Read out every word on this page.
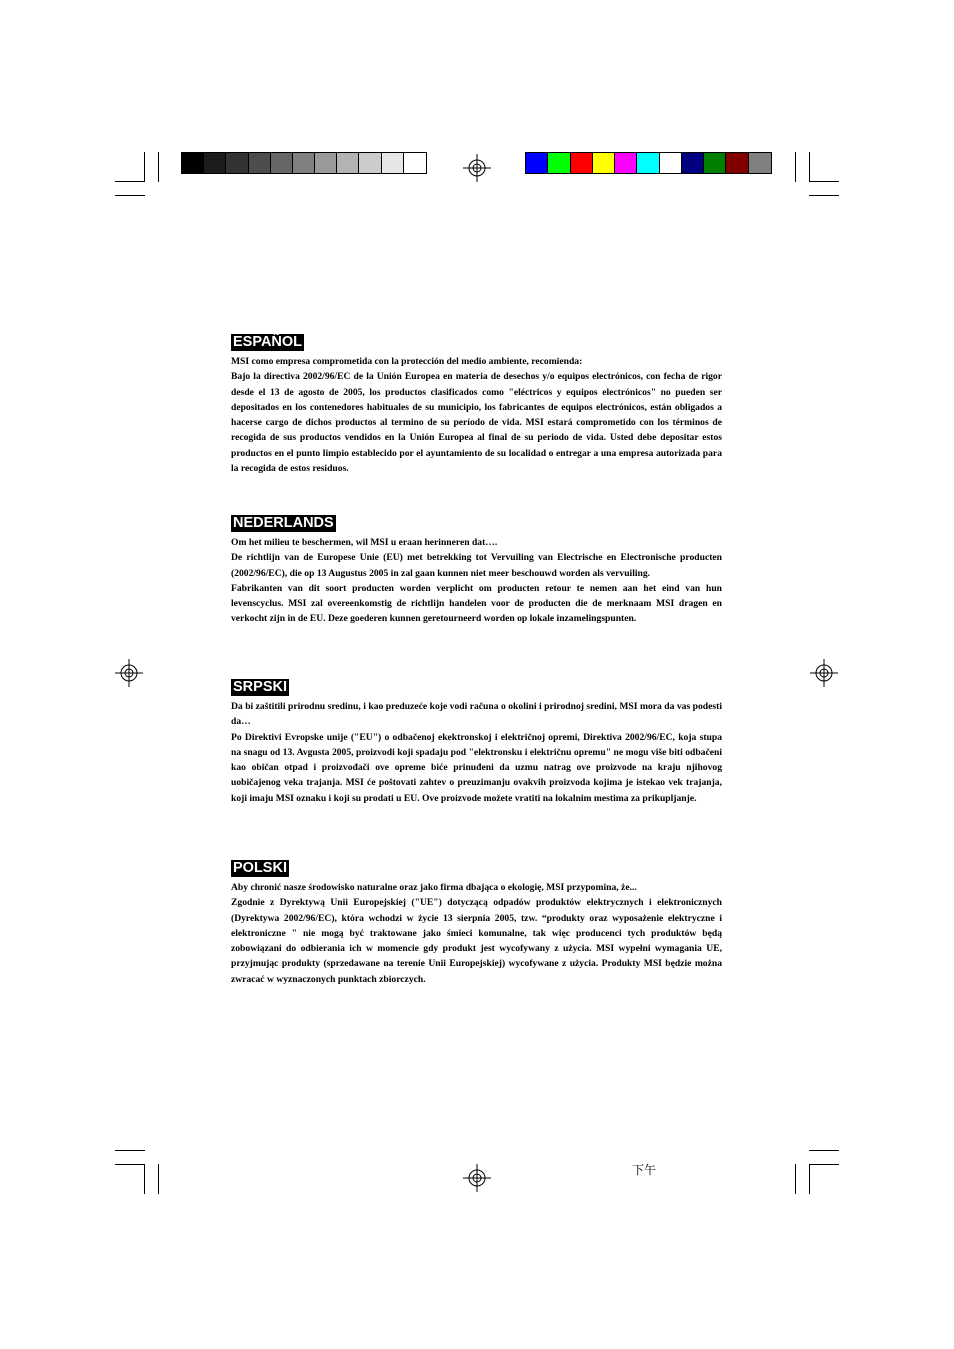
ESPAÑOL

MSI como empresa comprometida con la protección del medio ambiente, recomienda:

Bajo la directiva 2002/96/EC de la Unión Europea en materia de desechos y/o equipos electrónicos, con fecha de rigor desde el 13 de agosto de 2005, los productos clasificados como "eléctricos y equipos electrónicos" no pueden ser depositados en los contenedores habituales de su municipio, los fabricantes de equipos electrónicos, están obligados a hacerse cargo de dichos productos al termino de su período de vida. MSI estará comprometido con los términos de recogida de sus productos vendidos en la Unión Europea al final de su periodo de vida. Usted debe depositar estos productos en el punto limpio establecido por el ayuntamiento de su localidad o entregar a una empresa autorizada para la recogida de estos residuos.

NEDERLANDS

Om het milieu te beschermen, wil MSI u eraan herinneren dat….

De richtlijn van de Europese Unie (EU) met betrekking tot Vervuiling van Electrische en Electronische producten (2002/96/EC), die op 13 Augustus 2005 in zal gaan kunnen niet meer beschouwd worden als vervuiling.

Fabrikanten van dit soort producten worden verplicht om producten retour te nemen aan het eind van hun levenscyclus. MSI zal overeenkomstig de richtlijn handelen voor de producten die de merknaam MSI dragen en verkocht zijn in de EU. Deze goederen kunnen geretourneerd worden op lokale inzamelingspunten.

SRPSKI

Da bi zaštitili prirodnu sredinu, i kao preduzeće koje vodi računa o okolini i prirodnoj sredini, MSI mora da vas podesti da…

Po Direktivi Evropske unije ("EU") o odbačenoj ekektronskoj i električnoj opremi, Direktiva 2002/96/EC, koja stupa na snagu od 13. Avgusta 2005, proizvodi koji spadaju pod "elektronsku i električnu opremu" ne mogu više biti odbačeni kao običan otpad i proizvođači ove opreme biće prinuđeni da uzmu natrag ove proizvode na kraju njihovog uobičajenog veka trajanja. MSI će poštovati zahtev o preuzimanju ovakvih proizvoda kojima je istekao vek trajanja, koji imaju MSI oznaku i koji su prodati u EU. Ove proizvode možete vratiti na lokalnim mestima za prikupljanje.

POLSKI

Aby chronić nasze środowisko naturalne oraz jako firma dbająca o ekologię, MSI przypomina, że...

Zgodnie z Dyrektywą Unii Europejskiej ("UE") dotyczącą odpadów produktów elektrycznych i elektronicznych (Dyrektywa 2002/96/EC), która wchodzi w życie 13 sierpnia 2005, tzw. “produkty oraz wyposażenie elektryczne i elektroniczne " nie mogą być traktowane jako śmieci komunalne, tak więc producenci tych produktów będą zobowiązani do odbierania ich w momencie gdy produkt jest wycofywany z użycia. MSI wypełni wymagania UE, przyjmując produkty (sprzedawane na terenie Unii Europejskiej) wycofywane z użycia. Produkty MSI będzie można zwracać w wyznaczonych punktach zbiorczych.

下午
